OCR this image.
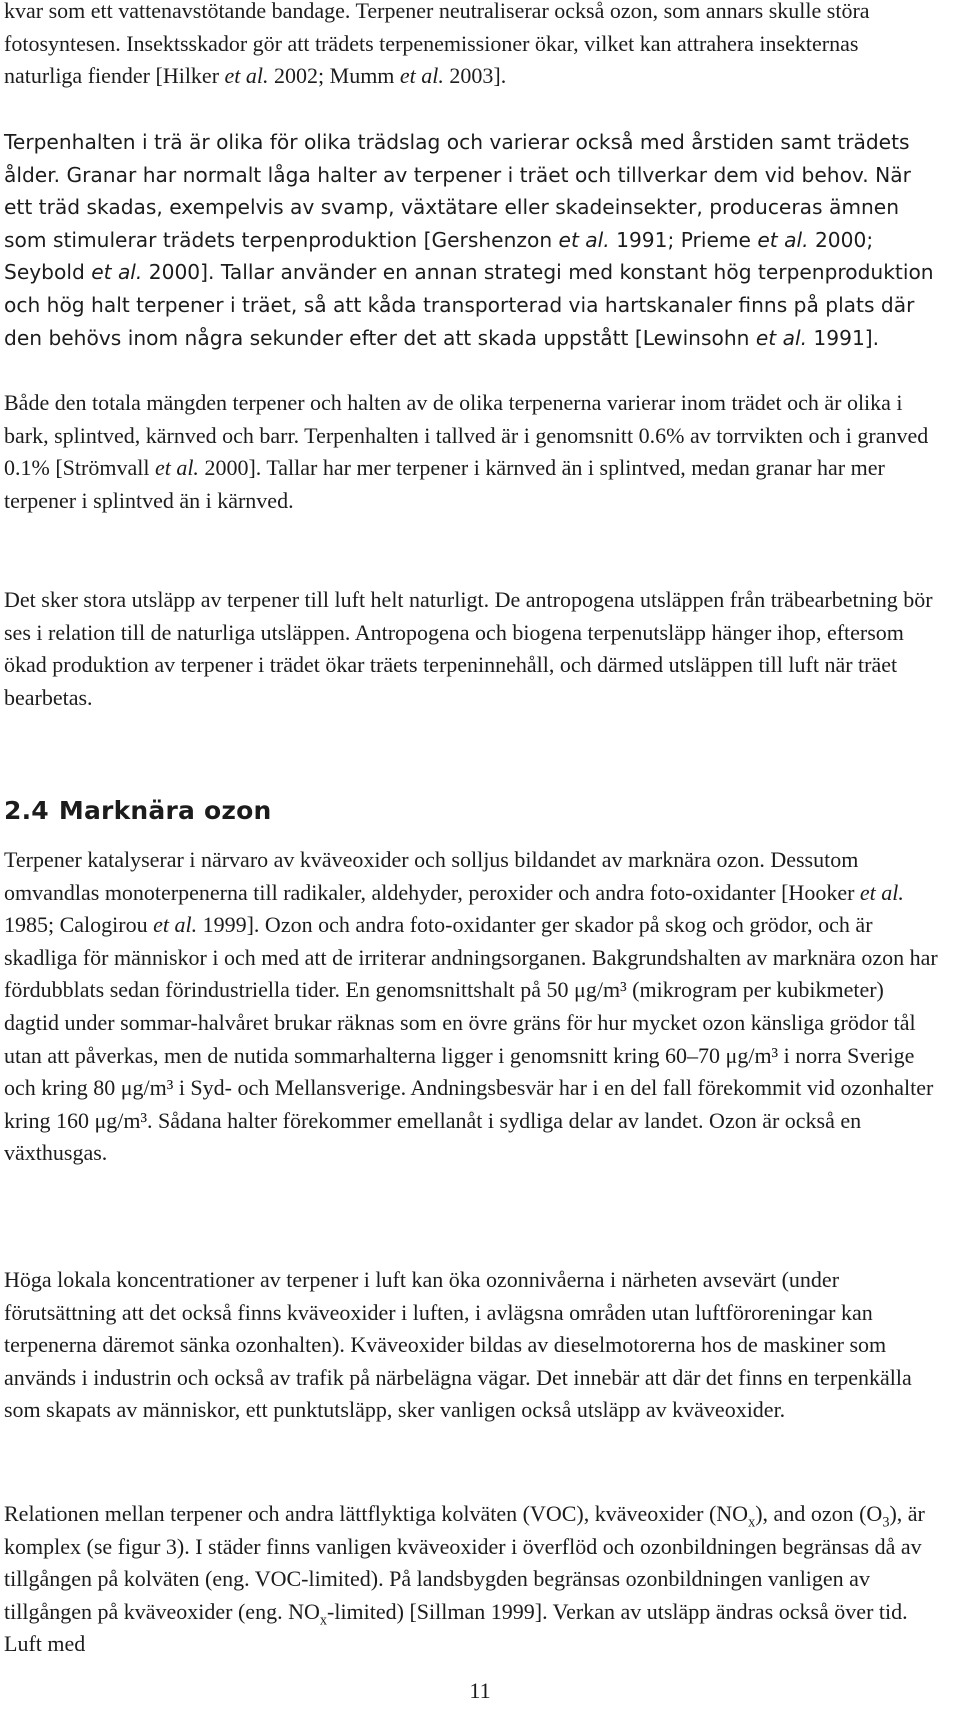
kvar som ett vattenavstötande bandage. Terpener neutraliserar också ozon, som annars skulle störa fotosyntesen. Insektsskador gör att trädets terpenemissioner ökar, vilket kan attrahera insekternas naturliga fiender [Hilker et al. 2002; Mumm et al. 2003].

Terpenhalten i trä är olika för olika trädslag och varierar också med årstiden samt trädets ålder. Granar har normalt låga halter av terpener i träet och tillverkar dem vid behov. När ett träd skadas, exempelvis av svamp, växtätare eller skadeinsekter, produceras ämnen som stimulerar trädets terpenproduktion [Gershenzon et al. 1991; Prieme et al. 2000; Seybold et al. 2000]. Tallar använder en annan strategi med konstant hög terpenproduktion och hög halt terpener i träet, så att kåda transporterad via hartskanaler finns på plats där den behövs inom några sekunder efter det att skada uppstått [Lewinsohn et al. 1991].

Både den totala mängden terpener och halten av de olika terpenerna varierar inom trädet och är olika i bark, splintved, kärnved och barr. Terpenhalten i tallved är i genomsnitt 0.6% av torrvikten och i granved 0.1% [Strömvall et al. 2000]. Tallar har mer terpener i kärnved än i splintved, medan granar har mer terpener i splintved än i kärnved.

Det sker stora utsläpp av terpener till luft helt naturligt. De antropogena utsläppen från träbearbetning bör ses i relation till de naturliga utsläppen. Antropogena och biogena terpenutsläpp hänger ihop, eftersom ökad produktion av terpener i trädet ökar träets terpeninnehåll, och därmed utsläppen till luft när träet bearbetas.

2.4 Marknära ozon

Terpener katalyserar i närvaro av kväveoxider och solljus bildandet av marknära ozon. Dessutom omvandlas monoterpenerna till radikaler, aldehyder, peroxider och andra foto-oxidanter [Hooker et al. 1985; Calogirou et al. 1999]. Ozon och andra foto-oxidanter ger skador på skog och grödor, och är skadliga för människor i och med att de irriterar andningsorganen. Bakgrundshalten av marknära ozon har fördubblats sedan förindustriella tider. En genomsnittshalt på 50 μg/m³ (mikrogram per kubikmeter) dagtid under sommar-halvåret brukar räknas som en övre gräns för hur mycket ozon känsliga grödor tål utan att påverkas, men de nutida sommarhalterna ligger i genomsnitt kring 60–70 μg/m³ i norra Sverige och kring 80 μg/m³ i Syd- och Mellansverige. Andningsbesvär har i en del fall förekommit vid ozonhalter kring 160 μg/m³. Sådana halter förekommer emellanåt i sydliga delar av landet. Ozon är också en växthusgas.

Höga lokala koncentrationer av terpener i luft kan öka ozonnivåerna i närheten avsevärt (under förutsättning att det också finns kväveoxider i luften, i avlägsna områden utan luftföroreningar kan terpenerna däremot sänka ozonhalten). Kväveoxider bildas av dieselmotorerna hos de maskiner som används i industrin och också av trafik på närbelägna vägar. Det innebär att där det finns en terpenkälla som skapats av människor, ett punktutsläpp, sker vanligen också utsläpp av kväveoxider.

Relationen mellan terpener och andra lättflyktiga kolväten (VOC), kväveoxider $(NO_x)$, and ozon $(O_3)$, är komplex (se figur 3). I städer finns vanligen kväveoxider i överflöd och ozonbildningen begränsas då av tillgången på kolväten (eng. VOC-limited). På landsbygden begränsas ozonbildningen vanligen av tillgången på kväveoxider (eng. $NO_x-limited$) [Sillman 1999]. Verkan av utsläpp ändras också över tid. Luft med

11
